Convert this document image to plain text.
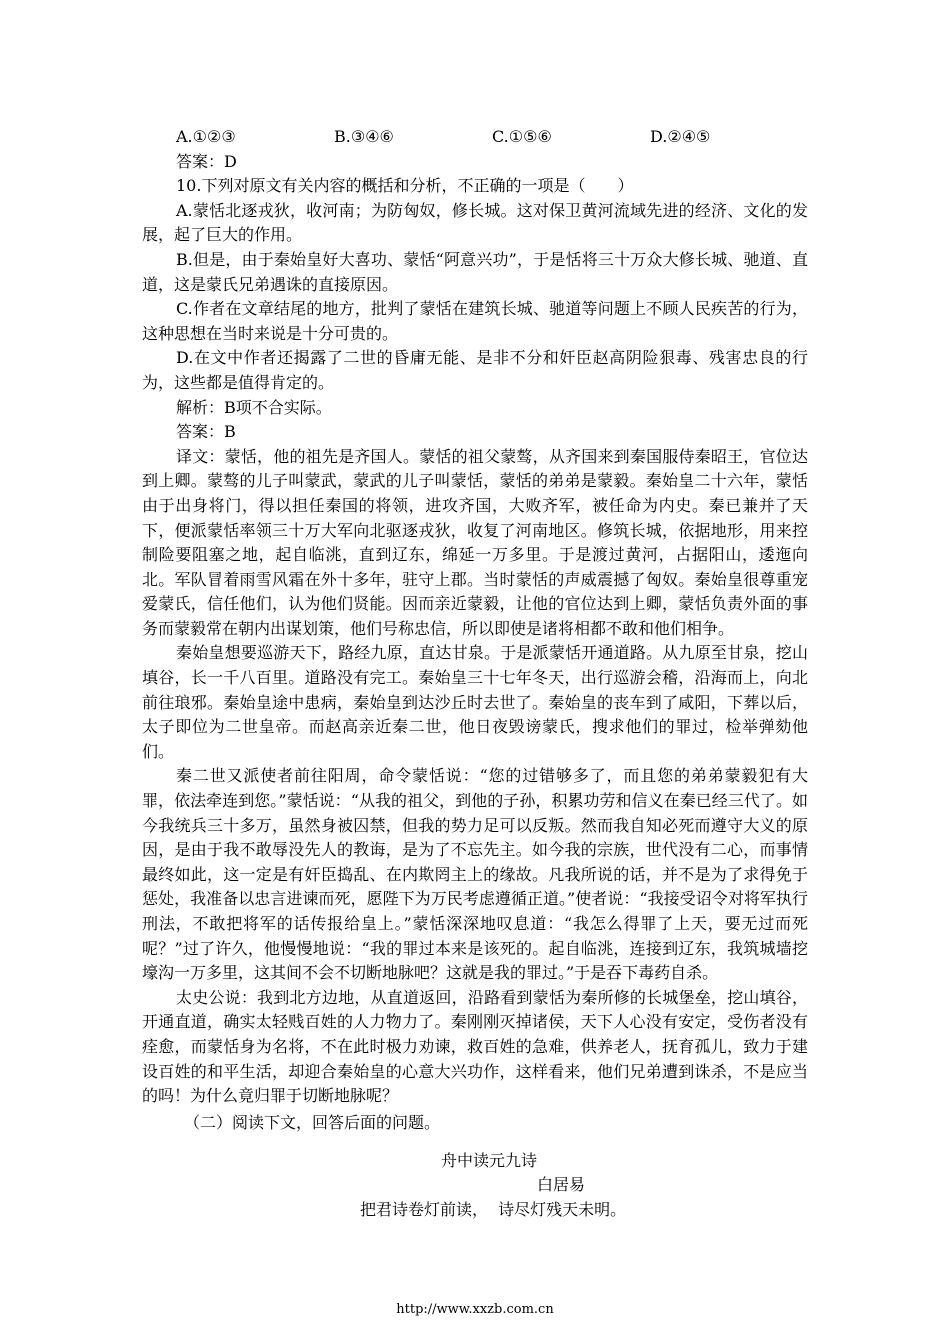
A.①②③	B.③④⑥	C.①⑤⑥	D.②④⑤
答案：D
10.下列对原文有关内容的概括和分析，不正确的一项是（　　）
A.蒙恬北逐戎狄，收河南；为防匈奴，修长城。这对保卫黄河流域先进的经济、文化的发展，起了巨大的作用。
B.但是，由于秦始皇好大喜功、蒙恬“阿意兴功”，于是恬将三十万众大修长城、驰道、直道，这是蒙氏兄弟遇诛的直接原因。
C.作者在文章结尾的地方，批判了蒙恬在建筑长城、驰道等问题上不顾人民疾苦的行为，这种思想在当时来说是十分可贵的。
D.在文中作者还揭露了二世的昏庸无能、是非不分和奸臣赵高阴险狠毒、残害忠良的行为，这些都是值得肯定的。
解析：B项不合实际。
答案：B
译文：蒙恬，他的祖先是齐国人。蒙恬的祖父蒙骜，从齐国来到秦国服侍秦昭王，官位达到上卿。蒙骜的儿子叫蒙武，蒙武的儿子叫蒙恬，蒙恬的弟弟是蒙毅。秦始皇二十六年，蒙恬由于出身将门，得以担任秦国的将领，进攻齐国，大败齐军，被任命为内史。秦已兼并了天下，便派蒙恬率领三十万大军向北驱逐戎狄，收复了河南地区。修筑长城，依据地形，用来控制险要阻塞之地，起自临洮，直到辽东，绵延一万多里。于是渡过黄河，占据阳山，逶迤向北。军队冒着雨雪风霜在外十多年，驻守上郡。当时蒙恬的声威震撼了匈奴。秦始皇很尊重宠爱蒙氏，信任他们，认为他们贤能。因而亲近蒙毅，让他的官位达到上卿，蒙恬负责外面的事务而蒙毅常在朝内出谋划策，他们号称忠信，所以即使是诸将相都不敢和他们相争。
秦始皇想要巡游天下，路经九原，直达甘泉。于是派蒙恬开通道路。从九原至甘泉，挖山填谷，长一千八百里。道路没有完工。秦始皇三十七年冬天，出行巡游会稽，沿海而上，向北前往琅邪。秦始皇途中患病，秦始皇到达沙丘时去世了。秦始皇的丧车到了咸阳，下葬以后，太子即位为二世皇帝。而赵高亲近秦二世，他日夜毁谤蒙氏，搜求他们的罪过，检举弹劾他们。
秦二世又派使者前往阳周，命令蒙恬说：“您的过错够多了，而且您的弟弟蒙毅犯有大罪，依法牵连到您。”蒙恬说：“从我的祖父，到他的子孙，积累功劳和信义在秦已经三代了。如今我统兵三十多万，虽然身被囚禁，但我的势力足可以反叛。然而我自知必死而遵守大义的原因，是由于我不敢辱没先人的教诲，是为了不忘先主。如今我的宗族，世代没有二心，而事情最终如此，这一定是有奸臣捣乱、在内欺罔主上的缘故。凡我所说的话，并不是为了求得免于惩处，我准备以忠言进谏而死，愿陛下为万民考虑遵循正道。”使者说：“我接受诏令对将军执行刑法，不敢把将军的话传报给皇上。”蒙恬深深地叹息道：“我怎么得罪了上天，要无过而死呢？”过了许久，他慢慢地说：“我的罪过本来是该死的。起自临洮，连接到辽东，我筑城墙挖壕沟一万多里，这其间不会不切断地脉吧？这就是我的罪过。”于是吞下毒药自杀。
太史公说：我到北方边地，从直道返回，沿路看到蒙恬为秦所修的长城堡垒，挖山填谷，开通直道，确实太轻贱百姓的人力物力了。秦刚刚灭掉诸侯，天下人心没有安定，受伤者没有痊愈，而蒙恬身为名将，不在此时极力劝谏，救百姓的急难，供养老人，抚育孤儿，致力于建设百姓的和平生活，却迎合秦始皇的心意大兴功作，这样看来，他们兄弟遭到诛杀，不是应当的吗！为什么竟归罪于切断地脉呢？
（二）阅读下文，回答后面的问题。
舟中读元九诗
白居易
把君诗卷灯前读，  诗尽灯残天未明。
http://www.xxzb.com.cn
